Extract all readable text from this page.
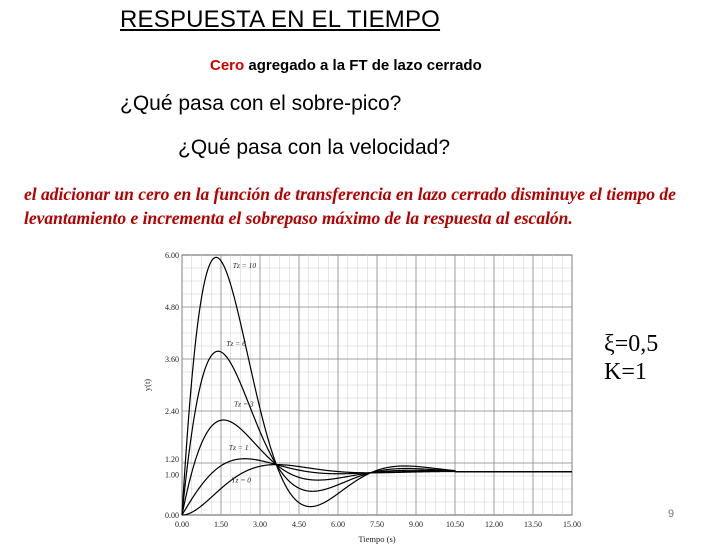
RESPUESTA EN EL TIEMPO
Cero agregado a la FT de lazo cerrado
¿Qué pasa con el sobre-pico?
¿Qué pasa con la velocidad?
el adicionar un cero en la función de transferencia en lazo cerrado disminuye el tiempo de levantamiento e incrementa el sobrepaso máximo de la respuesta al escalón.
0.00	1.50	3.00	4.50	6.00	7.50	9.00	10.50	12.00	13.50	15.00
0.00
1.00
1.20
2.40
3.60
4.80
6.00
Tiempo (s)
y(t)
Tz = 10
Tz = 6
Tz = 3
Tz = 1
Tz = 0
ξ=0,5
K=1
9
